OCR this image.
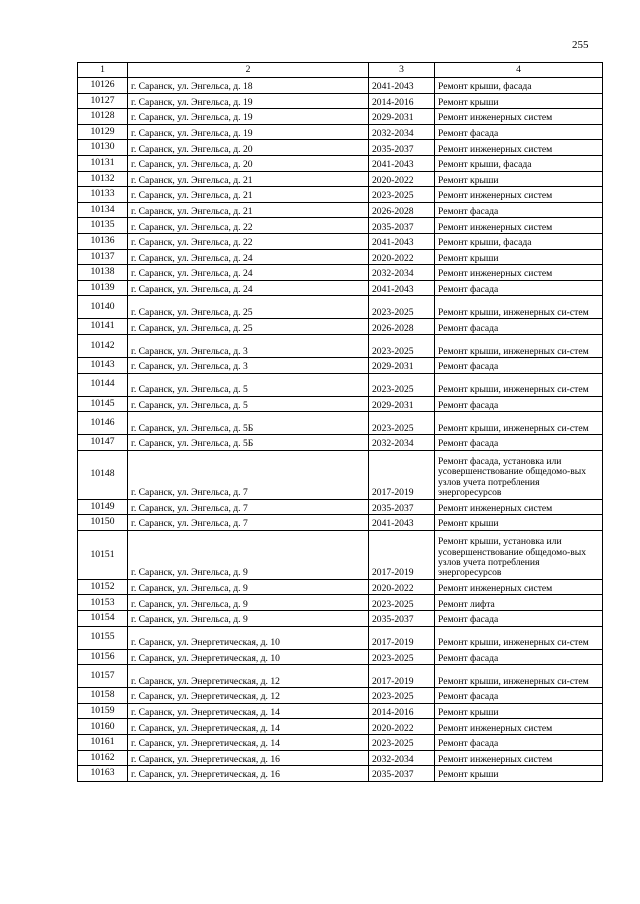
255
1	2	3	4
10126	г. Саранск, ул. Энгельса, д. 18	2041-2043	Ремонт крыши, фасада
10127	г. Саранск, ул. Энгельса, д. 19	2014-2016	Ремонт крыши
10128	г. Саранск, ул. Энгельса, д. 19	2029-2031	Ремонт инженерных систем
10129	г. Саранск, ул. Энгельса, д. 19	2032-2034	Ремонт фасада
10130	г. Саранск, ул. Энгельса, д. 20	2035-2037	Ремонт инженерных систем
10131	г. Саранск, ул. Энгельса, д. 20	2041-2043	Ремонт крыши, фасада
10132	г. Саранск, ул. Энгельса, д. 21	2020-2022	Ремонт крыши
10133	г. Саранск, ул. Энгельса, д. 21	2023-2025	Ремонт инженерных систем
10134	г. Саранск, ул. Энгельса, д. 21	2026-2028	Ремонт фасада
10135	г. Саранск, ул. Энгельса, д. 22	2035-2037	Ремонт инженерных систем
10136	г. Саранск, ул. Энгельса, д. 22	2041-2043	Ремонт крыши, фасада
10137	г. Саранск, ул. Энгельса, д. 24	2020-2022	Ремонт крыши
10138	г. Саранск, ул. Энгельса, д. 24	2032-2034	Ремонт инженерных систем
10139	г. Саранск, ул. Энгельса, д. 24	2041-2043	Ремонт фасада
10140	г. Саранск, ул. Энгельса, д. 25	2023-2025	Ремонт крыши, инженерных си-стем
10141	г. Саранск, ул. Энгельса, д. 25	2026-2028	Ремонт фасада
10142	г. Саранск, ул. Энгельса, д. 3	2023-2025	Ремонт крыши, инженерных си-стем
10143	г. Саранск, ул. Энгельса, д. 3	2029-2031	Ремонт фасада
10144	г. Саранск, ул. Энгельса, д. 5	2023-2025	Ремонт крыши, инженерных си-стем
10145	г. Саранск, ул. Энгельса, д. 5	2029-2031	Ремонт фасада
10146	г. Саранск, ул. Энгельса, д. 5Б	2023-2025	Ремонт крыши, инженерных си-стем
10147	г. Саранск, ул. Энгельса, д. 5Б	2032-2034	Ремонт фасада
10148	г. Саранск, ул. Энгельса, д. 7	2017-2019	Ремонт фасада, установка или усовершенствование общедомо-вых узлов учета потребления энергоресурсов
10149	г. Саранск, ул. Энгельса, д. 7	2035-2037	Ремонт инженерных систем
10150	г. Саранск, ул. Энгельса, д. 7	2041-2043	Ремонт крыши
10151	г. Саранск, ул. Энгельса, д. 9	2017-2019	Ремонт крыши, установка или усовершенствование общедомо-вых узлов учета потребления энергоресурсов
10152	г. Саранск, ул. Энгельса, д. 9	2020-2022	Ремонт инженерных систем
10153	г. Саранск, ул. Энгельса, д. 9	2023-2025	Ремонт лифта
10154	г. Саранск, ул. Энгельса, д. 9	2035-2037	Ремонт фасада
10155	г. Саранск, ул. Энергетическая, д. 10	2017-2019	Ремонт крыши, инженерных си-стем
10156	г. Саранск, ул. Энергетическая, д. 10	2023-2025	Ремонт фасада
10157	г. Саранск, ул. Энергетическая, д. 12	2017-2019	Ремонт крыши, инженерных си-стем
10158	г. Саранск, ул. Энергетическая, д. 12	2023-2025	Ремонт фасада
10159	г. Саранск, ул. Энергетическая, д. 14	2014-2016	Ремонт крыши
10160	г. Саранск, ул. Энергетическая, д. 14	2020-2022	Ремонт инженерных систем
10161	г. Саранск, ул. Энергетическая, д. 14	2023-2025	Ремонт фасада
10162	г. Саранск, ул. Энергетическая, д. 16	2032-2034	Ремонт инженерных систем
10163	г. Саранск, ул. Энергетическая, д. 16	2035-2037	Ремонт крыши
